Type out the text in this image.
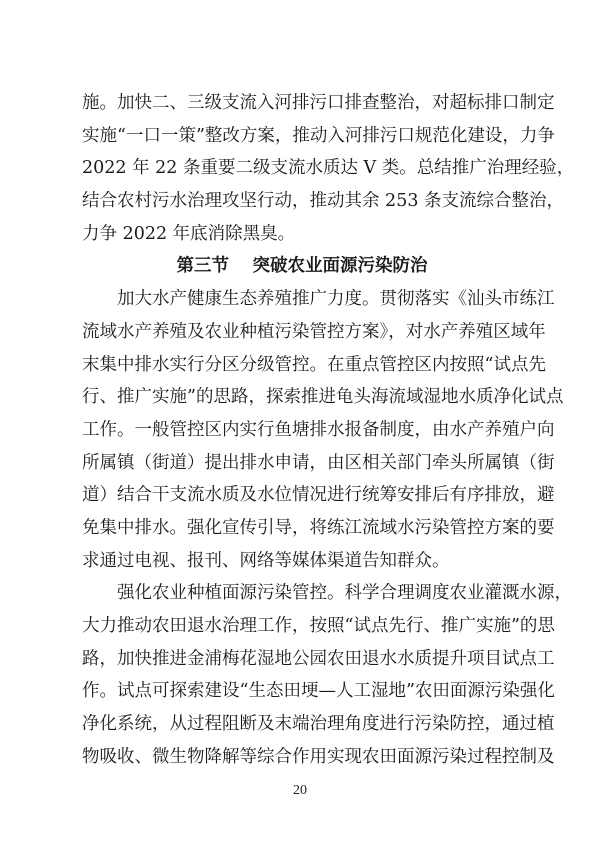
施。加快二、三级支流入河排污口排查整治，对超标排口制定
实施“一口一策”整改方案，推动入河排污口规范化建设，力争
2022 年 22 条重要二级支流水质达 V 类。总结推广治理经验，
结合农村污水治理攻坚行动，推动其余 253 条支流综合整治，
力争 2022 年底消除黑臭。
第三节　 突破农业面源污染防治
加大水产健康生态养殖推广力度。贯彻落实《汕头市练江
流域水产养殖及农业种植污染管控方案》，对水产养殖区域年
末集中排水实行分区分级管控。在重点管控区内按照“试点先
行、推广实施”的思路，探索推进龟头海流域湿地水质净化试点
工作。一般管控区内实行鱼塘排水报备制度，由水产养殖户向
所属镇（街道）提出排水申请，由区相关部门牵头所属镇（街
道）结合干支流水质及水位情况进行统筹安排后有序排放，避
免集中排水。强化宣传引导，将练江流域水污染管控方案的要
求通过电视、报刊、网络等媒体渠道告知群众。
强化农业种植面源污染管控。科学合理调度农业灌溉水源，
大力推动农田退水治理工作，按照“试点先行、推广实施”的思
路，加快推进金浦梅花湿地公园农田退水水质提升项目试点工
作。试点可探索建设“生态田埂—人工湿地”农田面源污染强化
净化系统，从过程阻断及末端治理角度进行污染防控，通过植
物吸收、微生物降解等综合作用实现农田面源污染过程控制及
20
